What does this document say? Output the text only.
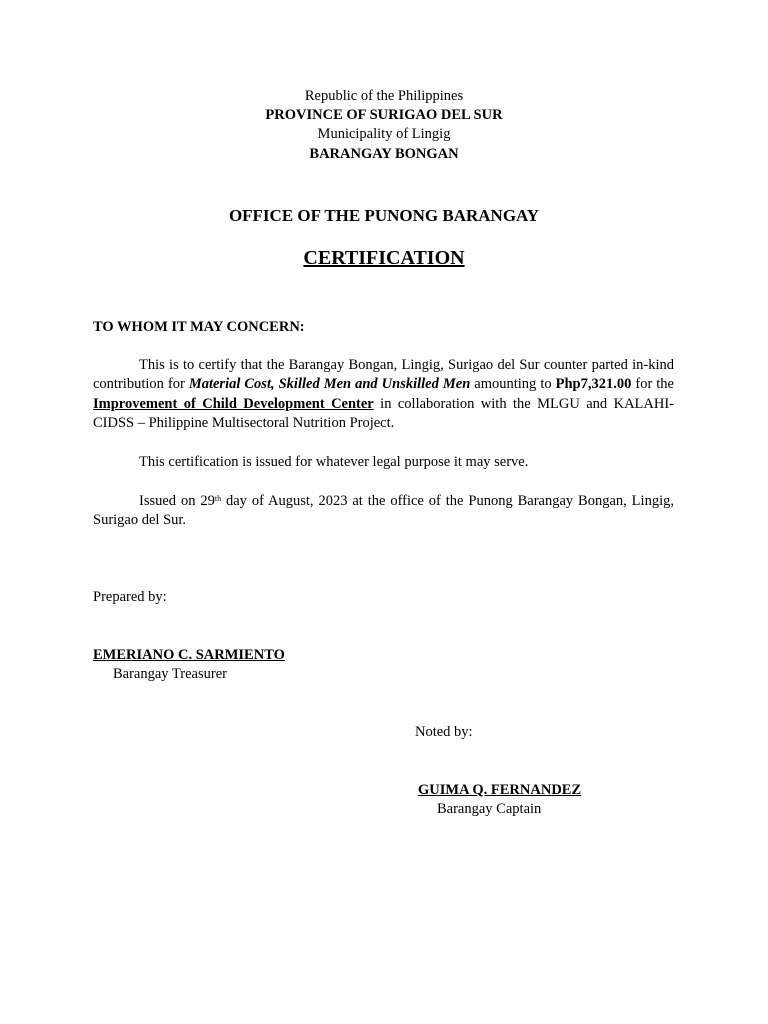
Republic of the Philippines
PROVINCE OF SURIGAO DEL SUR
Municipality of Lingig
BARANGAY BONGAN
OFFICE OF THE PUNONG BARANGAY
CERTIFICATION
TO WHOM IT MAY CONCERN:
This is to certify that the Barangay Bongan, Lingig, Surigao del Sur counter parted in-kind contribution for Material Cost, Skilled Men and Unskilled Men amounting to Php7,321.00 for the Improvement of Child Development Center in collaboration with the MLGU and KALAHI-CIDSS – Philippine Multisectoral Nutrition Project.
This certification is issued for whatever legal purpose it may serve.
Issued on 29th day of August, 2023 at the office of the Punong Barangay Bongan, Lingig, Surigao del Sur.
Prepared by:
EMERIANO C. SARMIENTO
Barangay Treasurer
Noted by:
GUIMA Q. FERNANDEZ
Barangay Captain
